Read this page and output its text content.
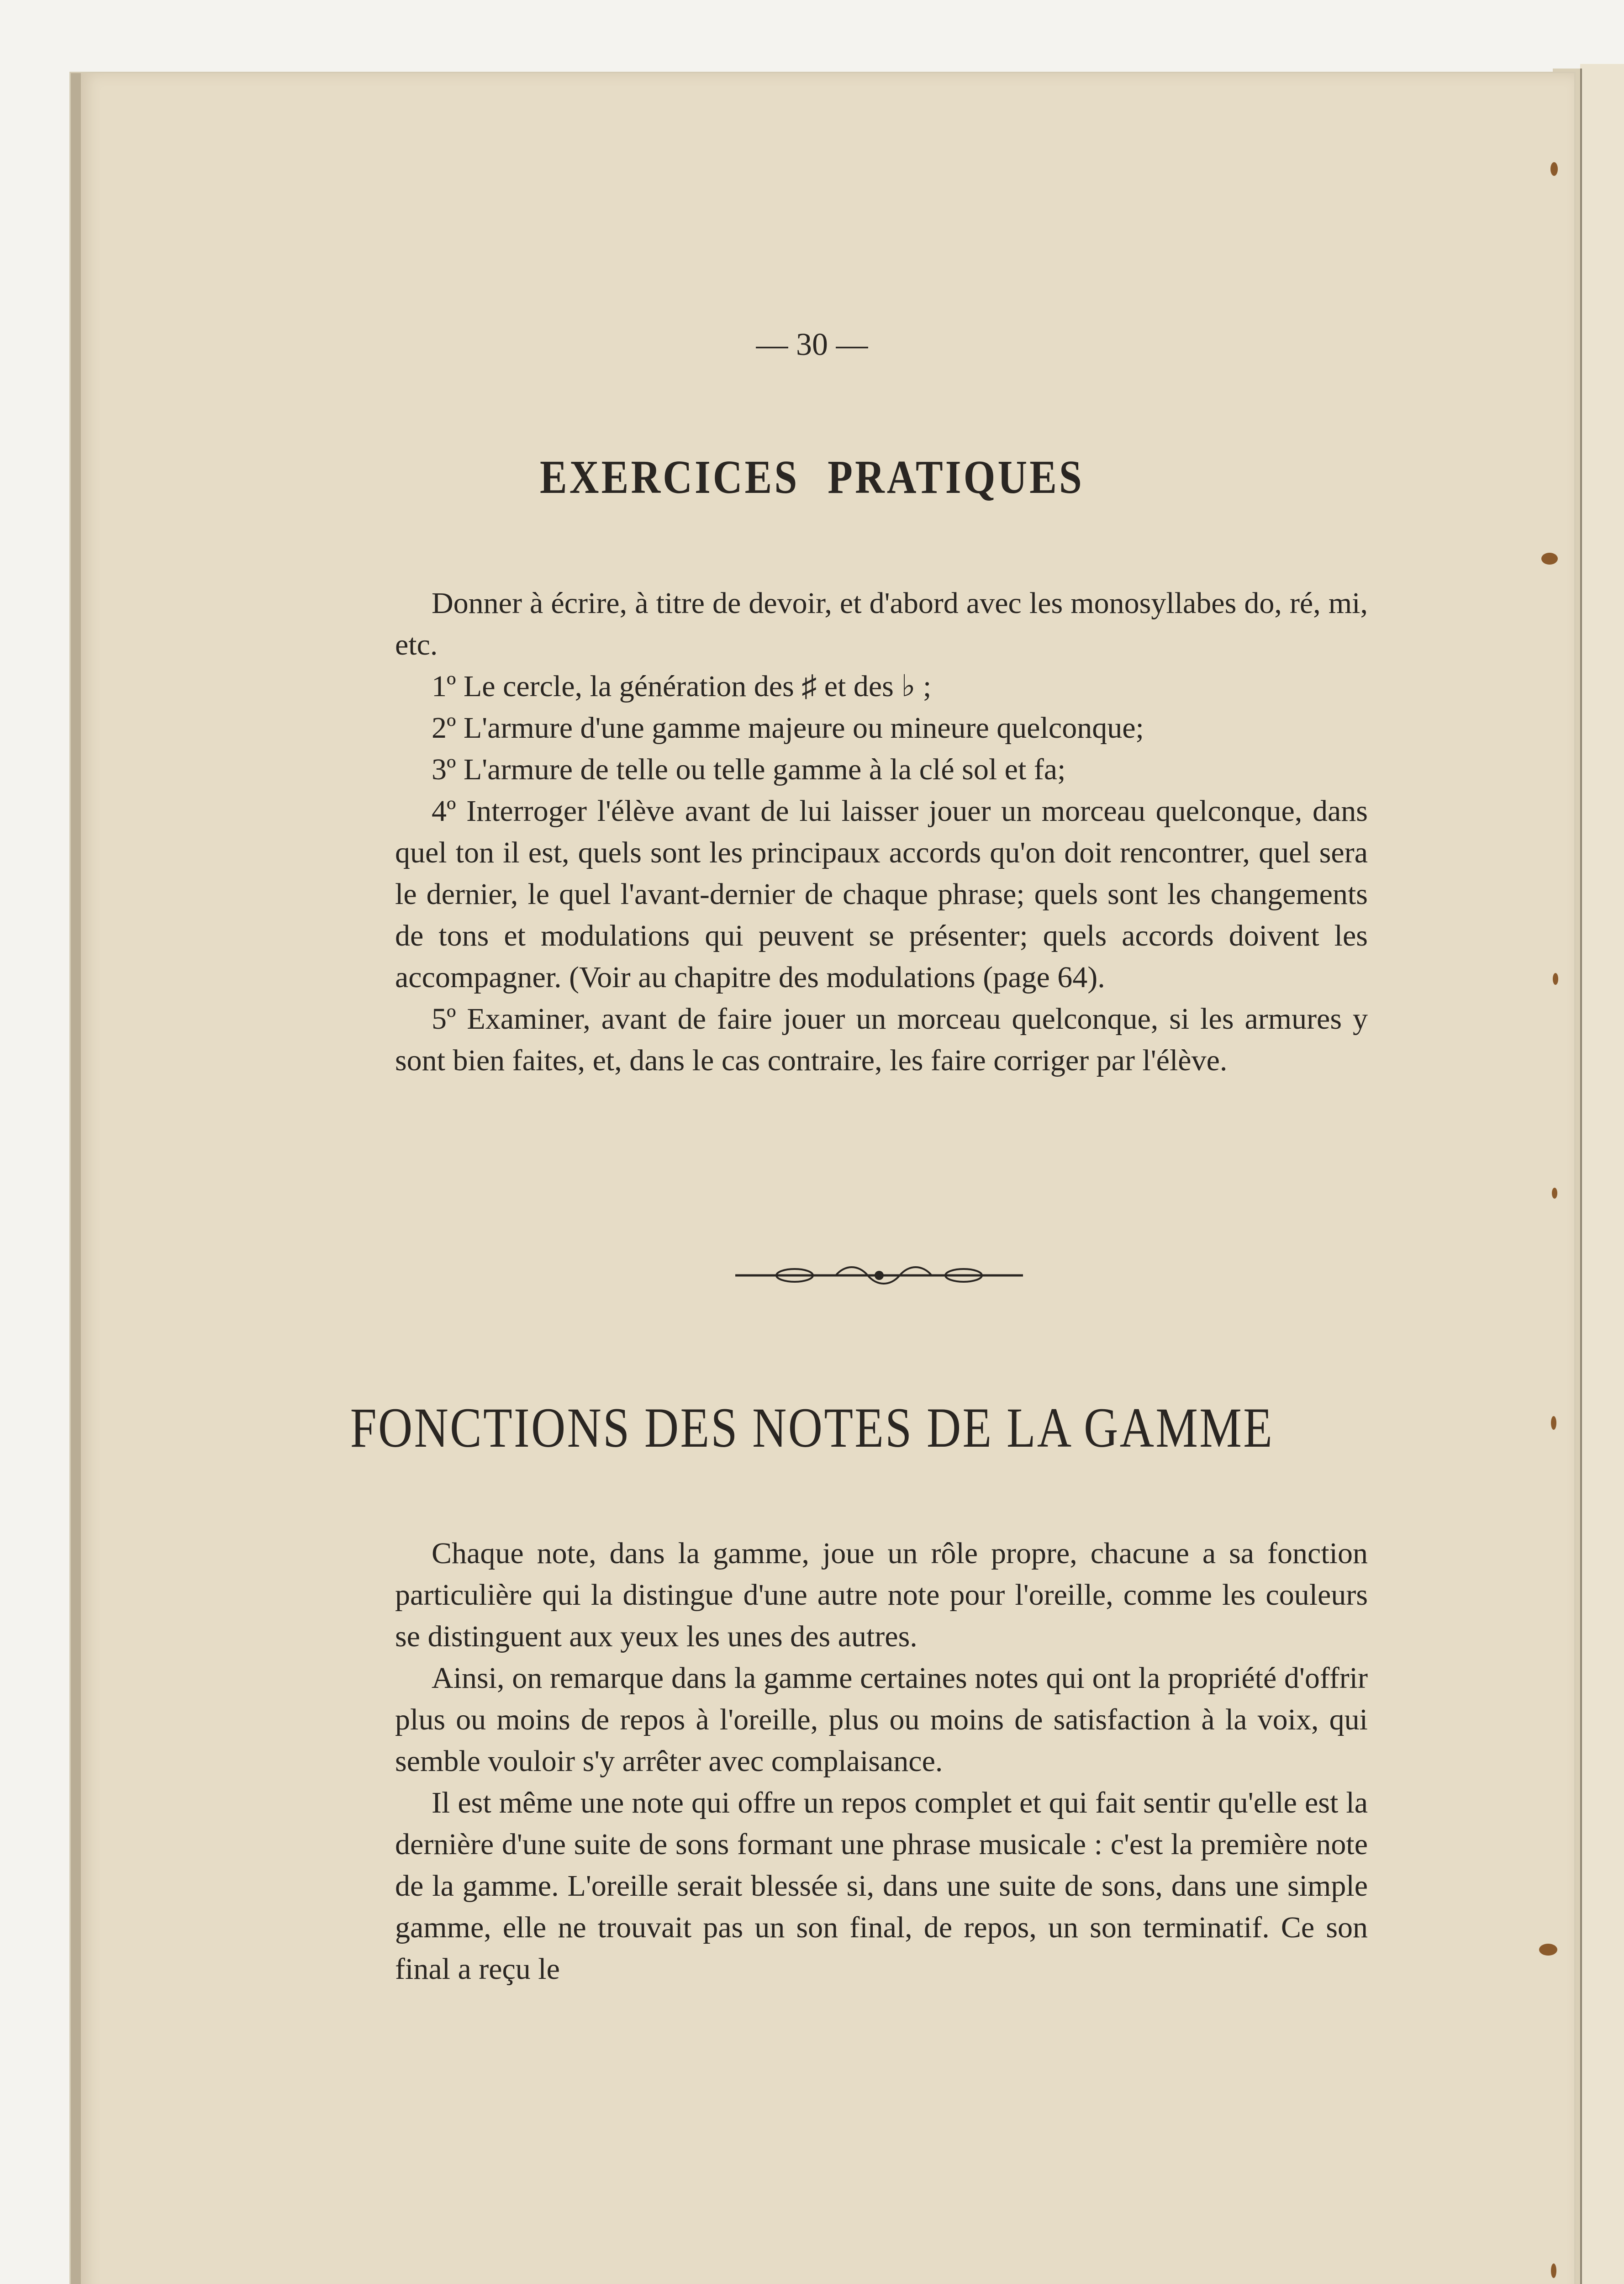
— 30 —
EXERCICES PRATIQUES

Donner à écrire, à titre de devoir, et d'abord avec les monosyllabes do, ré, mi, etc.

1º Le cercle, la génération des ♯ et des ♭ ;

2º L'armure d'une gamme majeure ou mineure quelconque;

3º L'armure de telle ou telle gamme à la clé sol et fa;

4º Interroger l'élève avant de lui laisser jouer un morceau quelconque, dans quel ton il est, quels sont les principaux accords qu'on doit rencontrer, quel sera le dernier, le quel l'avant-dernier de chaque phrase; quels sont les changements de tons et modulations qui peuvent se présenter; quels accords doivent les accompagner. (Voir au chapitre des modulations (page 64).

5º Examiner, avant de faire jouer un morceau quelconque, si les armures y sont bien faites, et, dans le cas contraire, les faire corriger par l'élève.

FONCTIONS DES NOTES DE LA GAMME

Chaque note, dans la gamme, joue un rôle propre, chacune a sa fonction particulière qui la distingue d'une autre note pour l'oreille, comme les couleurs se distinguent aux yeux les unes des autres.

Ainsi, on remarque dans la gamme certaines notes qui ont la propriété d'offrir plus ou moins de repos à l'oreille, plus ou moins de satisfaction à la voix, qui semble vouloir s'y arrêter avec complaisance.

Il est même une note qui offre un repos complet et qui fait sentir qu'elle est la dernière d'une suite de sons formant une phrase musicale : c'est la première note de la gamme. L'oreille serait blessée si, dans une suite de sons, dans une simple gamme, elle ne trouvait pas un son final, de repos, un son terminatif. Ce son final a reçu le
